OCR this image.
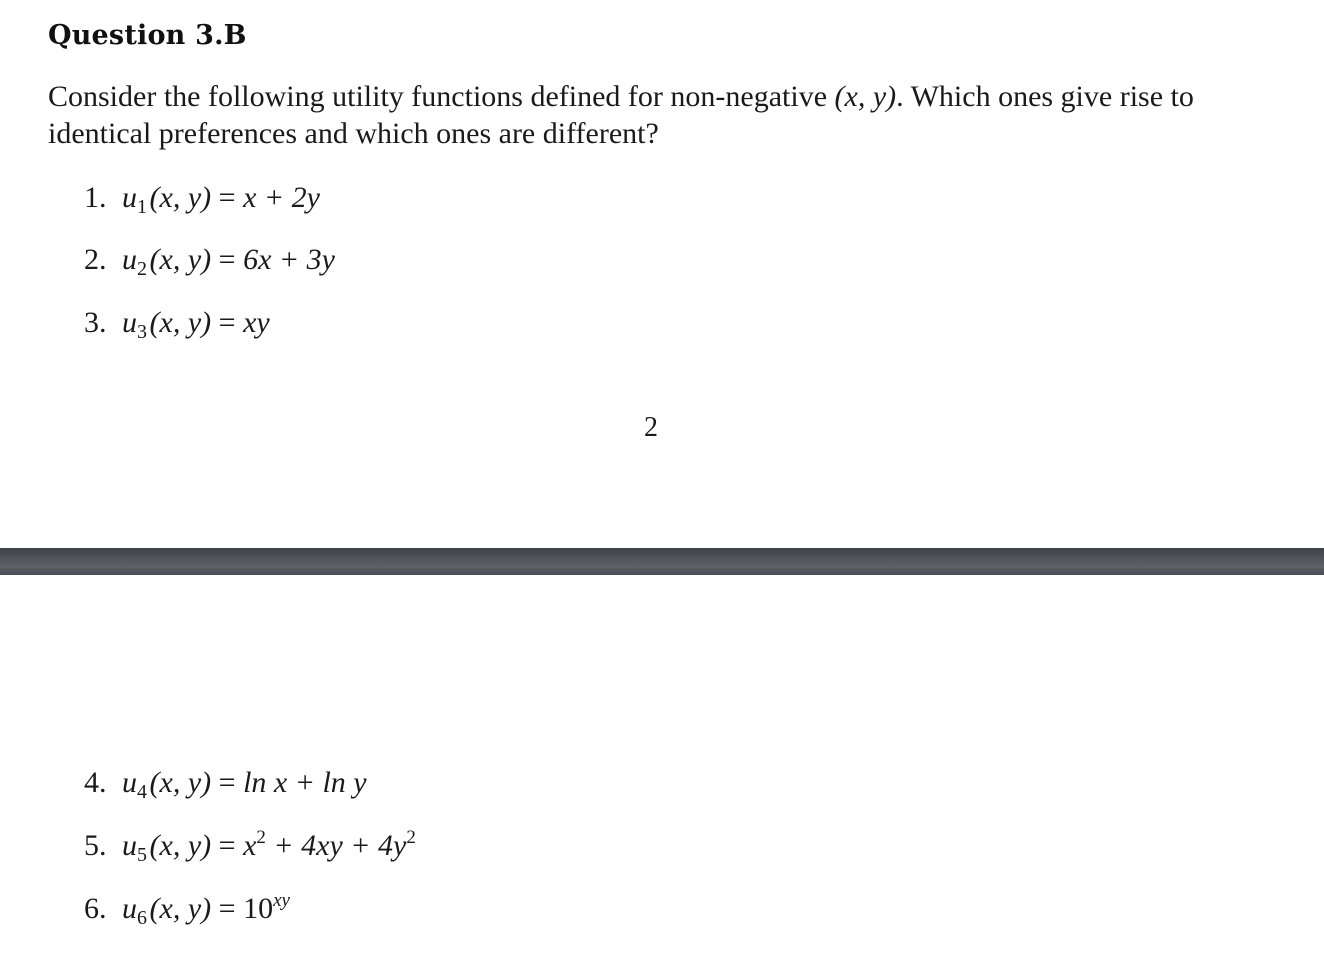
Question 3.B

Consider the following utility functions defined for non-negative (x, y). Which ones give rise to identical preferences and which ones are different?

1. $u_1$ (x, y) = x + 2y
2. $u_2$ (x, y) = 6x + 3y
3. $u_3$ (x, y) = xy
2
4. $u_4$ (x, y) = ln x + ln y
5. $u_5$ (x, $y) = x^2 + 4xy + 4y^2$
6. $u_6$ (x, $y) = 10^{xy}$
